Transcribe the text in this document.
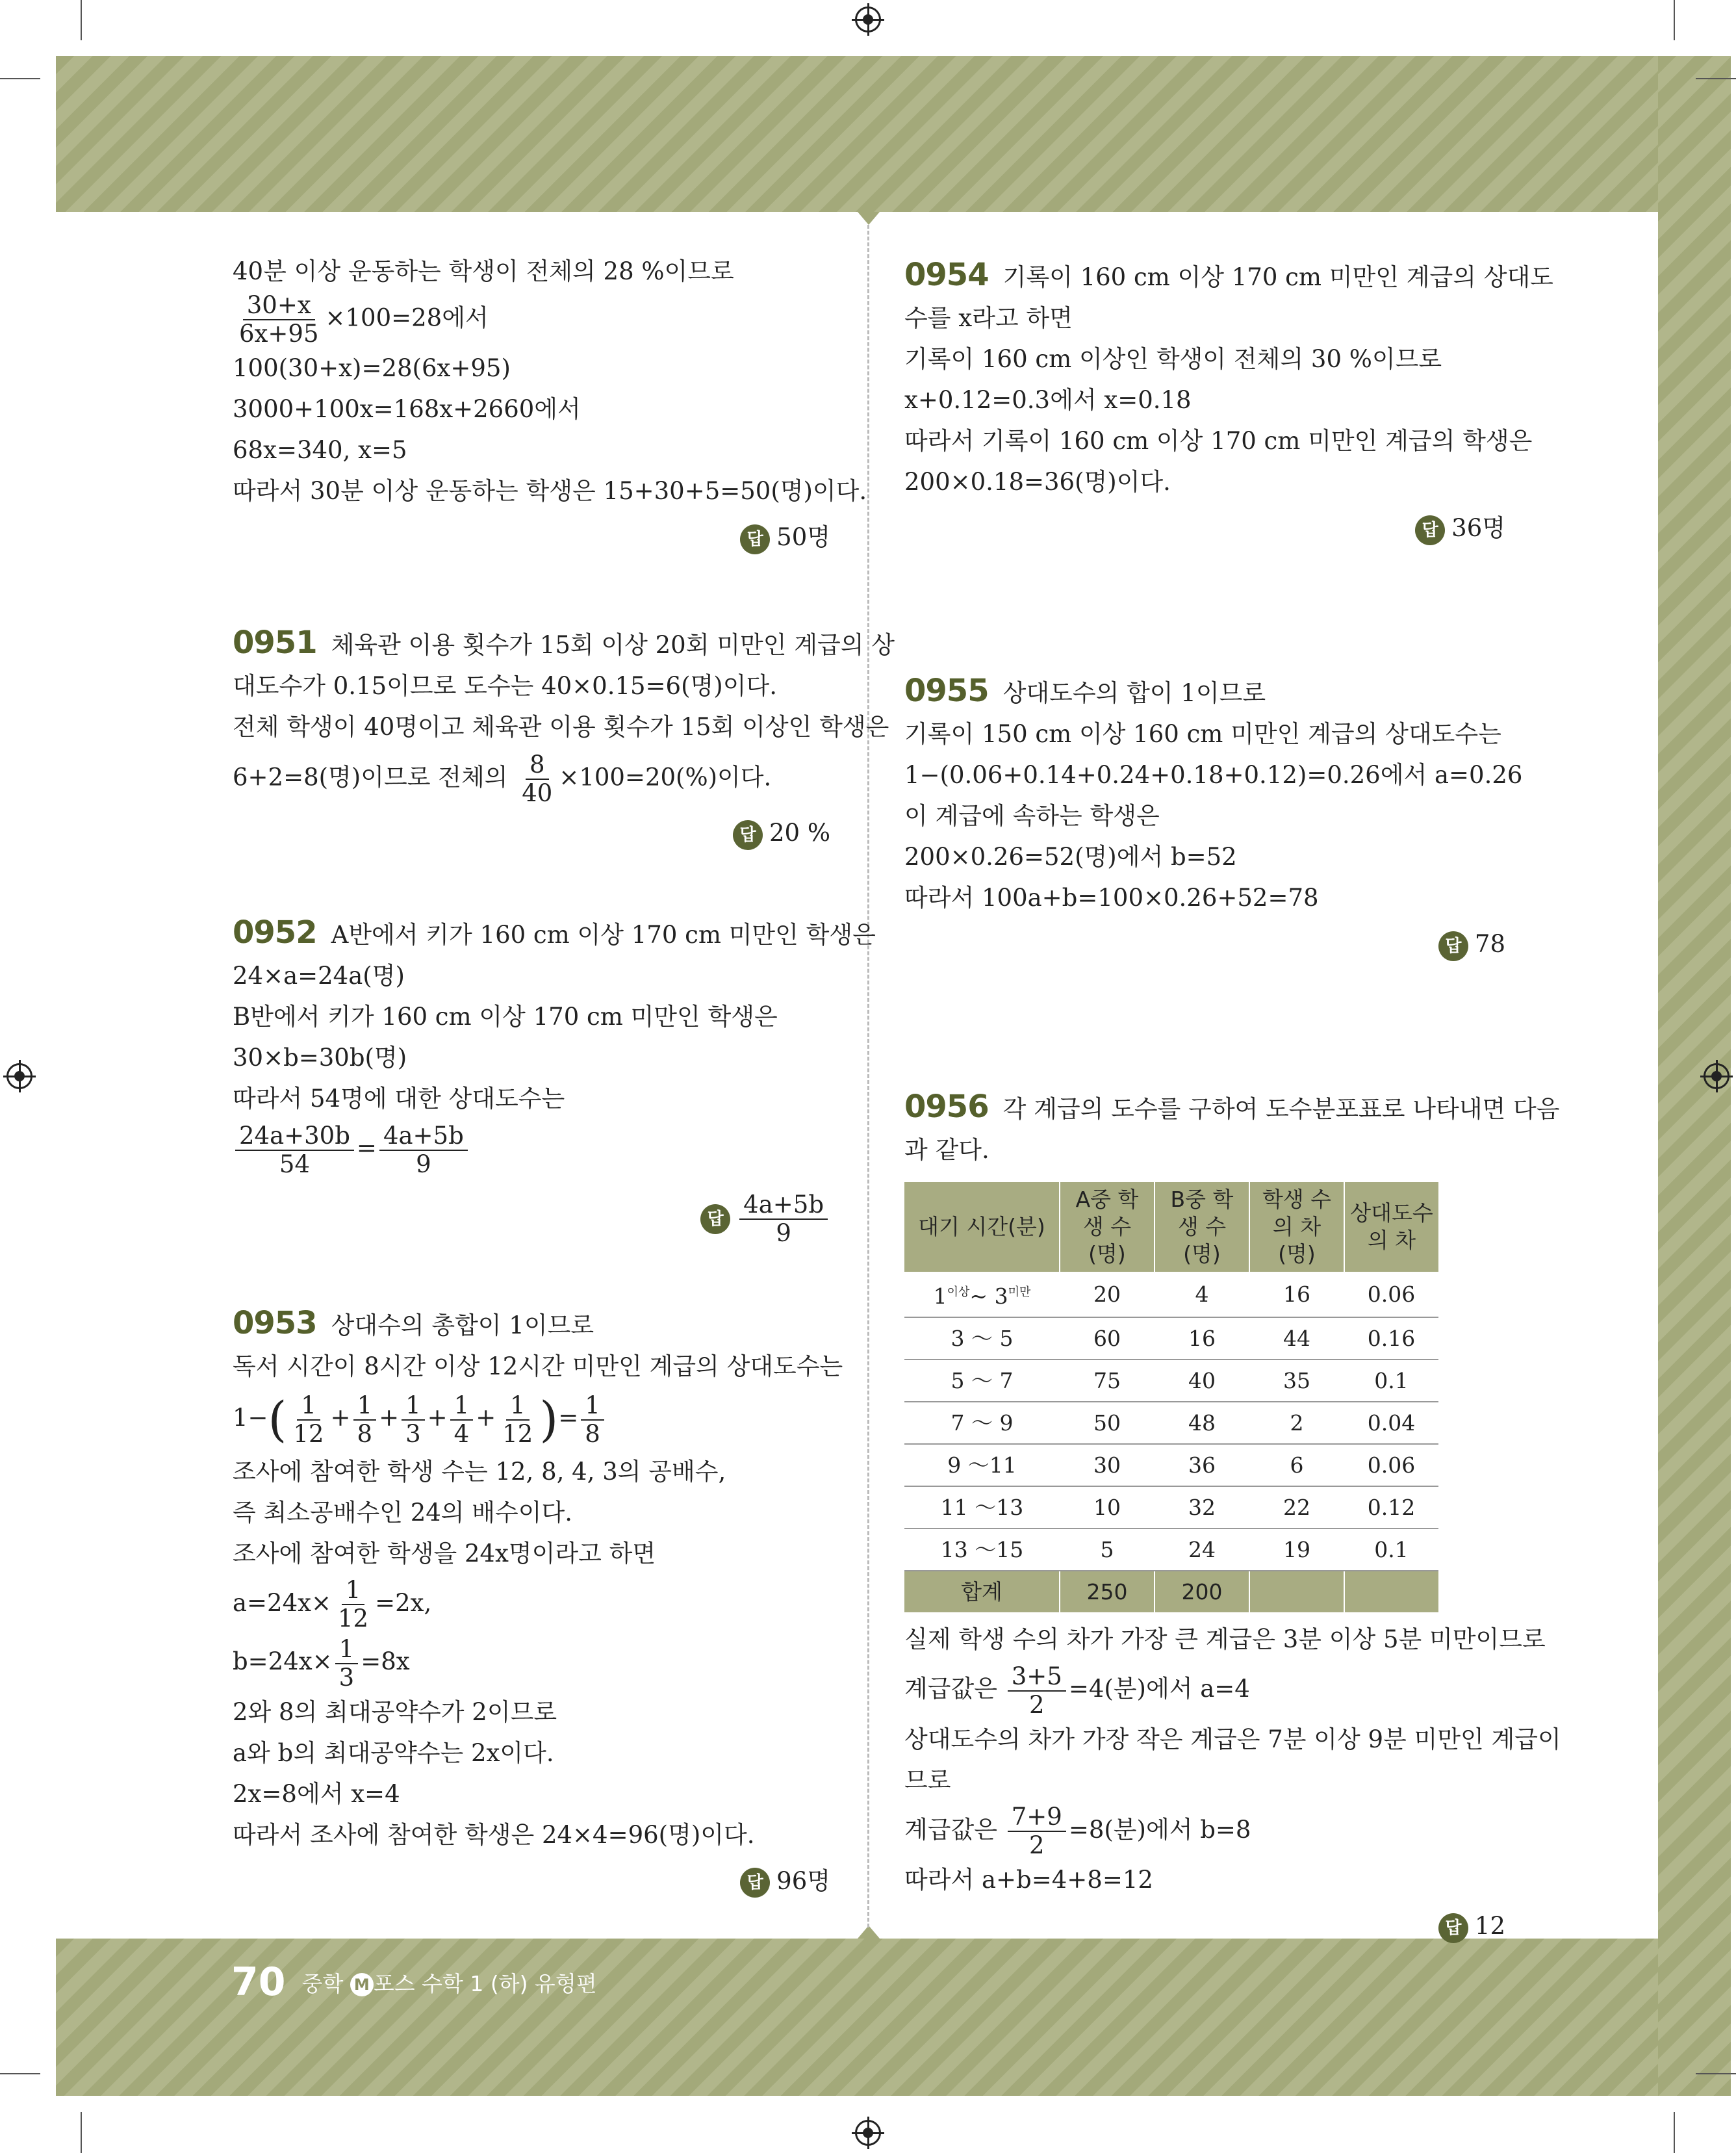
40분 이상 운동하는 학생이 전체의 28 %이므로
$\frac{30+x}{6x+95} \times 100=28$에서
100(30+x)=28(6x+95)
3000+100x=168x+2660에서
68x=340, x=5
따라서 30분 이상 운동하는 학생은 15+30+5=50(명)이다.
답 50명
0951 체육관 이용 횟수가 15회 이상 20회 미만인 계급의 상
대도수가 0.15이므로 도수는 40×0.15=6(명)이다.
전체 학생이 40명이고 체육관 이용 횟수가 15회 이상인 학생은
6+2=8(명)이므로 전체의 $\frac{8}{40} \times 100=20(\%)$이다.
답 20 %
0952 A반에서 키가 160 cm 이상 170 cm 미만인 학생은
24×a=24a(명)
B반에서 키가 160 cm 이상 170 cm 미만인 학생은
30×b=30b(명)
따라서 54명에 대한 상대도수는
$\frac{24a+30b}{54} = \frac{4a+5b}{9}$
답 $\frac{4a+5b}{9}$
0953 상대수의 총합이 1이므로
독서 시간이 8시간 이상 12시간 미만인 계급의 상대도수는
$1-( \frac{1}{12} + \frac{1}{8} + \frac{1}{3} + \frac{1}{4} + \frac{1}{12}$ )= $\frac{1}{8}$
조사에 참여한 학생 수는 12, 8, 4, 3의 공배수,
즉 최소공배수인 24의 배수이다.
조사에 참여한 학생을 24x명이라고 하면
$a=24x\times \frac{1}{12} =2x$,
$b=24x\times \frac{1}{3} =8x$
2와 8의 최대공약수가 2이므로
a와 b의 최대공약수는 2x이다.
2x=8에서 x=4
따라서 조사에 참여한 학생은 24×4=96(명)이다.
답 96명
0954 기록이 160 cm 이상 170 cm 미만인 계급의 상대도
수를 x라고 하면
기록이 160 cm 이상인 학생이 전체의 30 %이므로
x+0.12=0.3에서 x=0.18
따라서 기록이 160 cm 이상 170 cm 미만인 계급의 학생은
200×0.18=36(명)이다.
답 36명
0955 상대도수의 합이 1이므로
기록이 150 cm 이상 160 cm 미만인 계급의 상대도수는
1−(0.06+0.14+0.24+0.18+0.12)=0.26에서 a=0.26
이 계급에 속하는 학생은
200×0.26=52(명)에서 b=52
따라서 100a+b=100×0.26+52=78
답 78
0956 각 계급의 도수를 구하여 도수분포표로 나타내면 다음
과 같다.
대기 시간(분)	A중 학생 수(명)	B중 학생 수(명)	학생 수의 차(명)	상대도수의 차
$1^{이상}\sim$ $3^{미만}$	20	4	16	0.06
3 ～ 5	60	16	44	0.16
5 ～ 7	75	40	35	0.1
7 ～ 9	50	48	2	0.04
9 ～11	30	36	6	0.06
11 ～13	10	32	22	0.12
13 ～15	5	24	19	0.1
합계	250	200		
실제 학생 수의 차가 가장 큰 계급은 3분 이상 5분 미만이므로
계급값은 $\frac{3+5}{2} =4$(분)에서 a=4
상대도수의 차가 가장 작은 계급은 7분 이상 9분 미만인 계급이
므로
계급값은 $\frac{7+9}{2} =8$(분)에서 b=8
따라서 a+b=4+8=12
답 12
70 중학 M 포스 수학 1 (하) 유형편
